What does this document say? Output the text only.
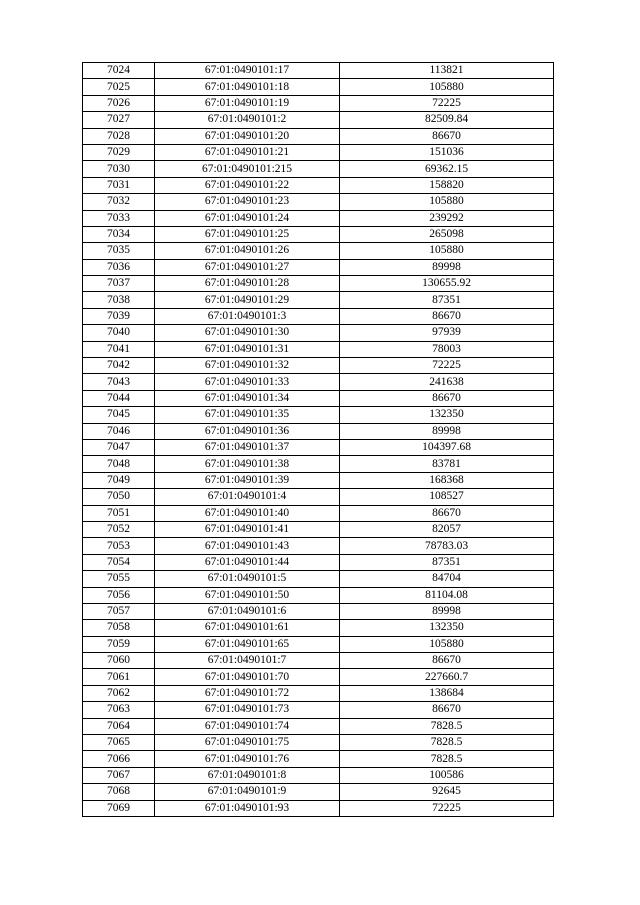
7024	67:01:0490101:17	113821
7025	67:01:0490101:18	105880
7026	67:01:0490101:19	72225
7027	67:01:0490101:2	82509.84
7028	67:01:0490101:20	86670
7029	67:01:0490101:21	151036
7030	67:01:0490101:215	69362.15
7031	67:01:0490101:22	158820
7032	67:01:0490101:23	105880
7033	67:01:0490101:24	239292
7034	67:01:0490101:25	265098
7035	67:01:0490101:26	105880
7036	67:01:0490101:27	89998
7037	67:01:0490101:28	130655.92
7038	67:01:0490101:29	87351
7039	67:01:0490101:3	86670
7040	67:01:0490101:30	97939
7041	67:01:0490101:31	78003
7042	67:01:0490101:32	72225
7043	67:01:0490101:33	241638
7044	67:01:0490101:34	86670
7045	67:01:0490101:35	132350
7046	67:01:0490101:36	89998
7047	67:01:0490101:37	104397.68
7048	67:01:0490101:38	83781
7049	67:01:0490101:39	168368
7050	67:01:0490101:4	108527
7051	67:01:0490101:40	86670
7052	67:01:0490101:41	82057
7053	67:01:0490101:43	78783.03
7054	67:01:0490101:44	87351
7055	67:01:0490101:5	84704
7056	67:01:0490101:50	81104.08
7057	67:01:0490101:6	89998
7058	67:01:0490101:61	132350
7059	67:01:0490101:65	105880
7060	67:01:0490101:7	86670
7061	67:01:0490101:70	227660.7
7062	67:01:0490101:72	138684
7063	67:01:0490101:73	86670
7064	67:01:0490101:74	7828.5
7065	67:01:0490101:75	7828.5
7066	67:01:0490101:76	7828.5
7067	67:01:0490101:8	100586
7068	67:01:0490101:9	92645
7069	67:01:0490101:93	72225
